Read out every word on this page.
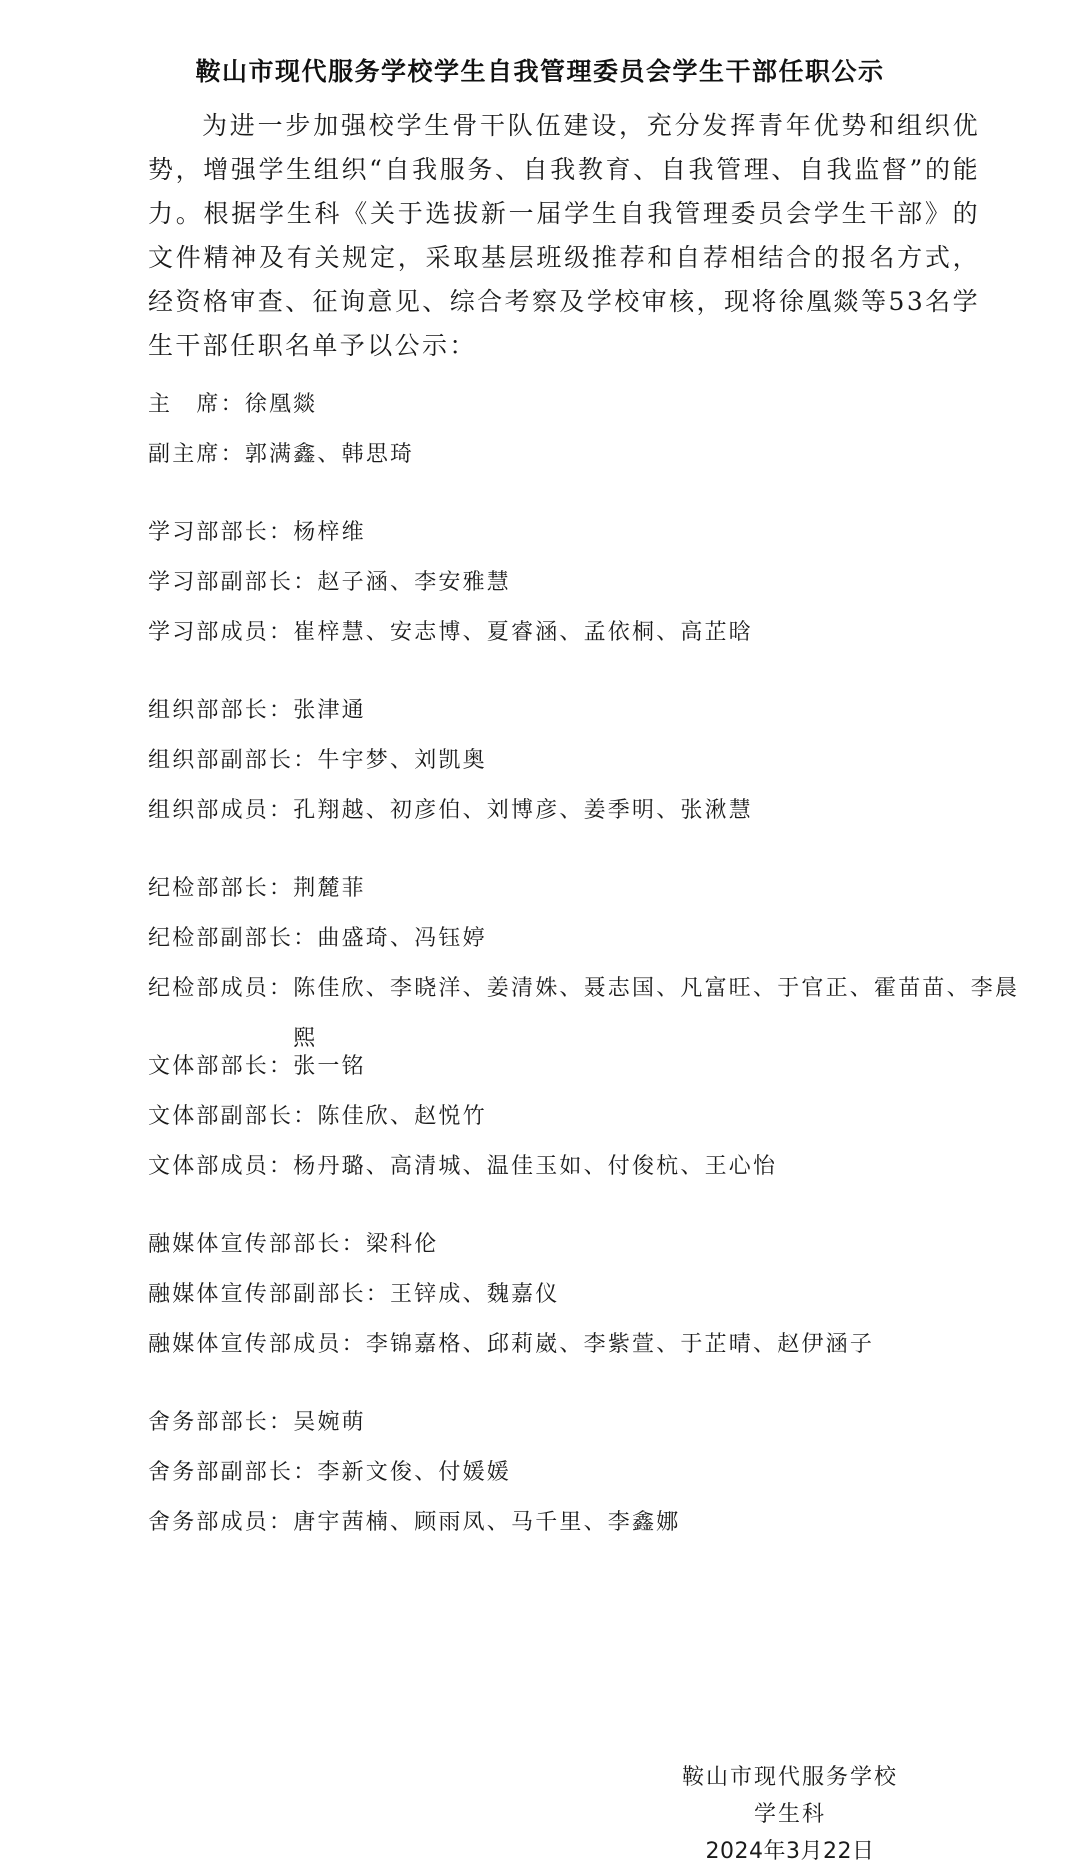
鞍山市现代服务学校学生自我管理委员会学生干部任职公示

为进一步加强校学生骨干队伍建设，充分发挥青年优势和组织优势，增强学生组织“自我服务、自我教育、自我管理、自我监督”的能力。根据学生科《关于选拔新一届学生自我管理委员会学生干部》的文件精神及有关规定，采取基层班级推荐和自荐相结合的报名方式，经资格审查、征询意见、综合考察及学校审核，现将徐凰燚等53名学生干部任职名单予以公示：

主　席： 徐凰燚
副主席： 郭满鑫、韩思琦
学习部部长： 杨梓维
学习部副部长： 赵子涵、李安雅慧
学习部成员： 崔梓慧、安志博、夏睿涵、孟依桐、高芷晗
组织部部长： 张津通
组织部副部长： 牛宇梦、刘凯奥
组织部成员： 孔翔越、初彦伯、刘博彦、姜季明、张湫慧
纪检部部长： 荆麓菲
纪检部副部长： 曲盛琦、冯钰婷
纪检部成员： 陈佳欣、李晓洋、姜清姝、聂志国、凡富旺、于官正、霍苗苗、李晨熙
文体部部长： 张一铭
文体部副部长： 陈佳欣、赵悦竹
文体部成员： 杨丹璐、高清城、温佳玉如、付俊杭、王心怡
融媒体宣传部部长： 梁科伦
融媒体宣传部副部长： 王锌成、魏嘉仪
融媒体宣传部成员： 李锦嘉格、邱莉崴、李紫萱、于芷晴、赵伊涵子
舍务部部长： 吴婉萌
舍务部副部长： 李新文俊、付媛媛
舍务部成员： 唐宇茜楠、顾雨凤、马千里、李鑫娜
鞍山市现代服务学校
学生科
2024年3月22日
